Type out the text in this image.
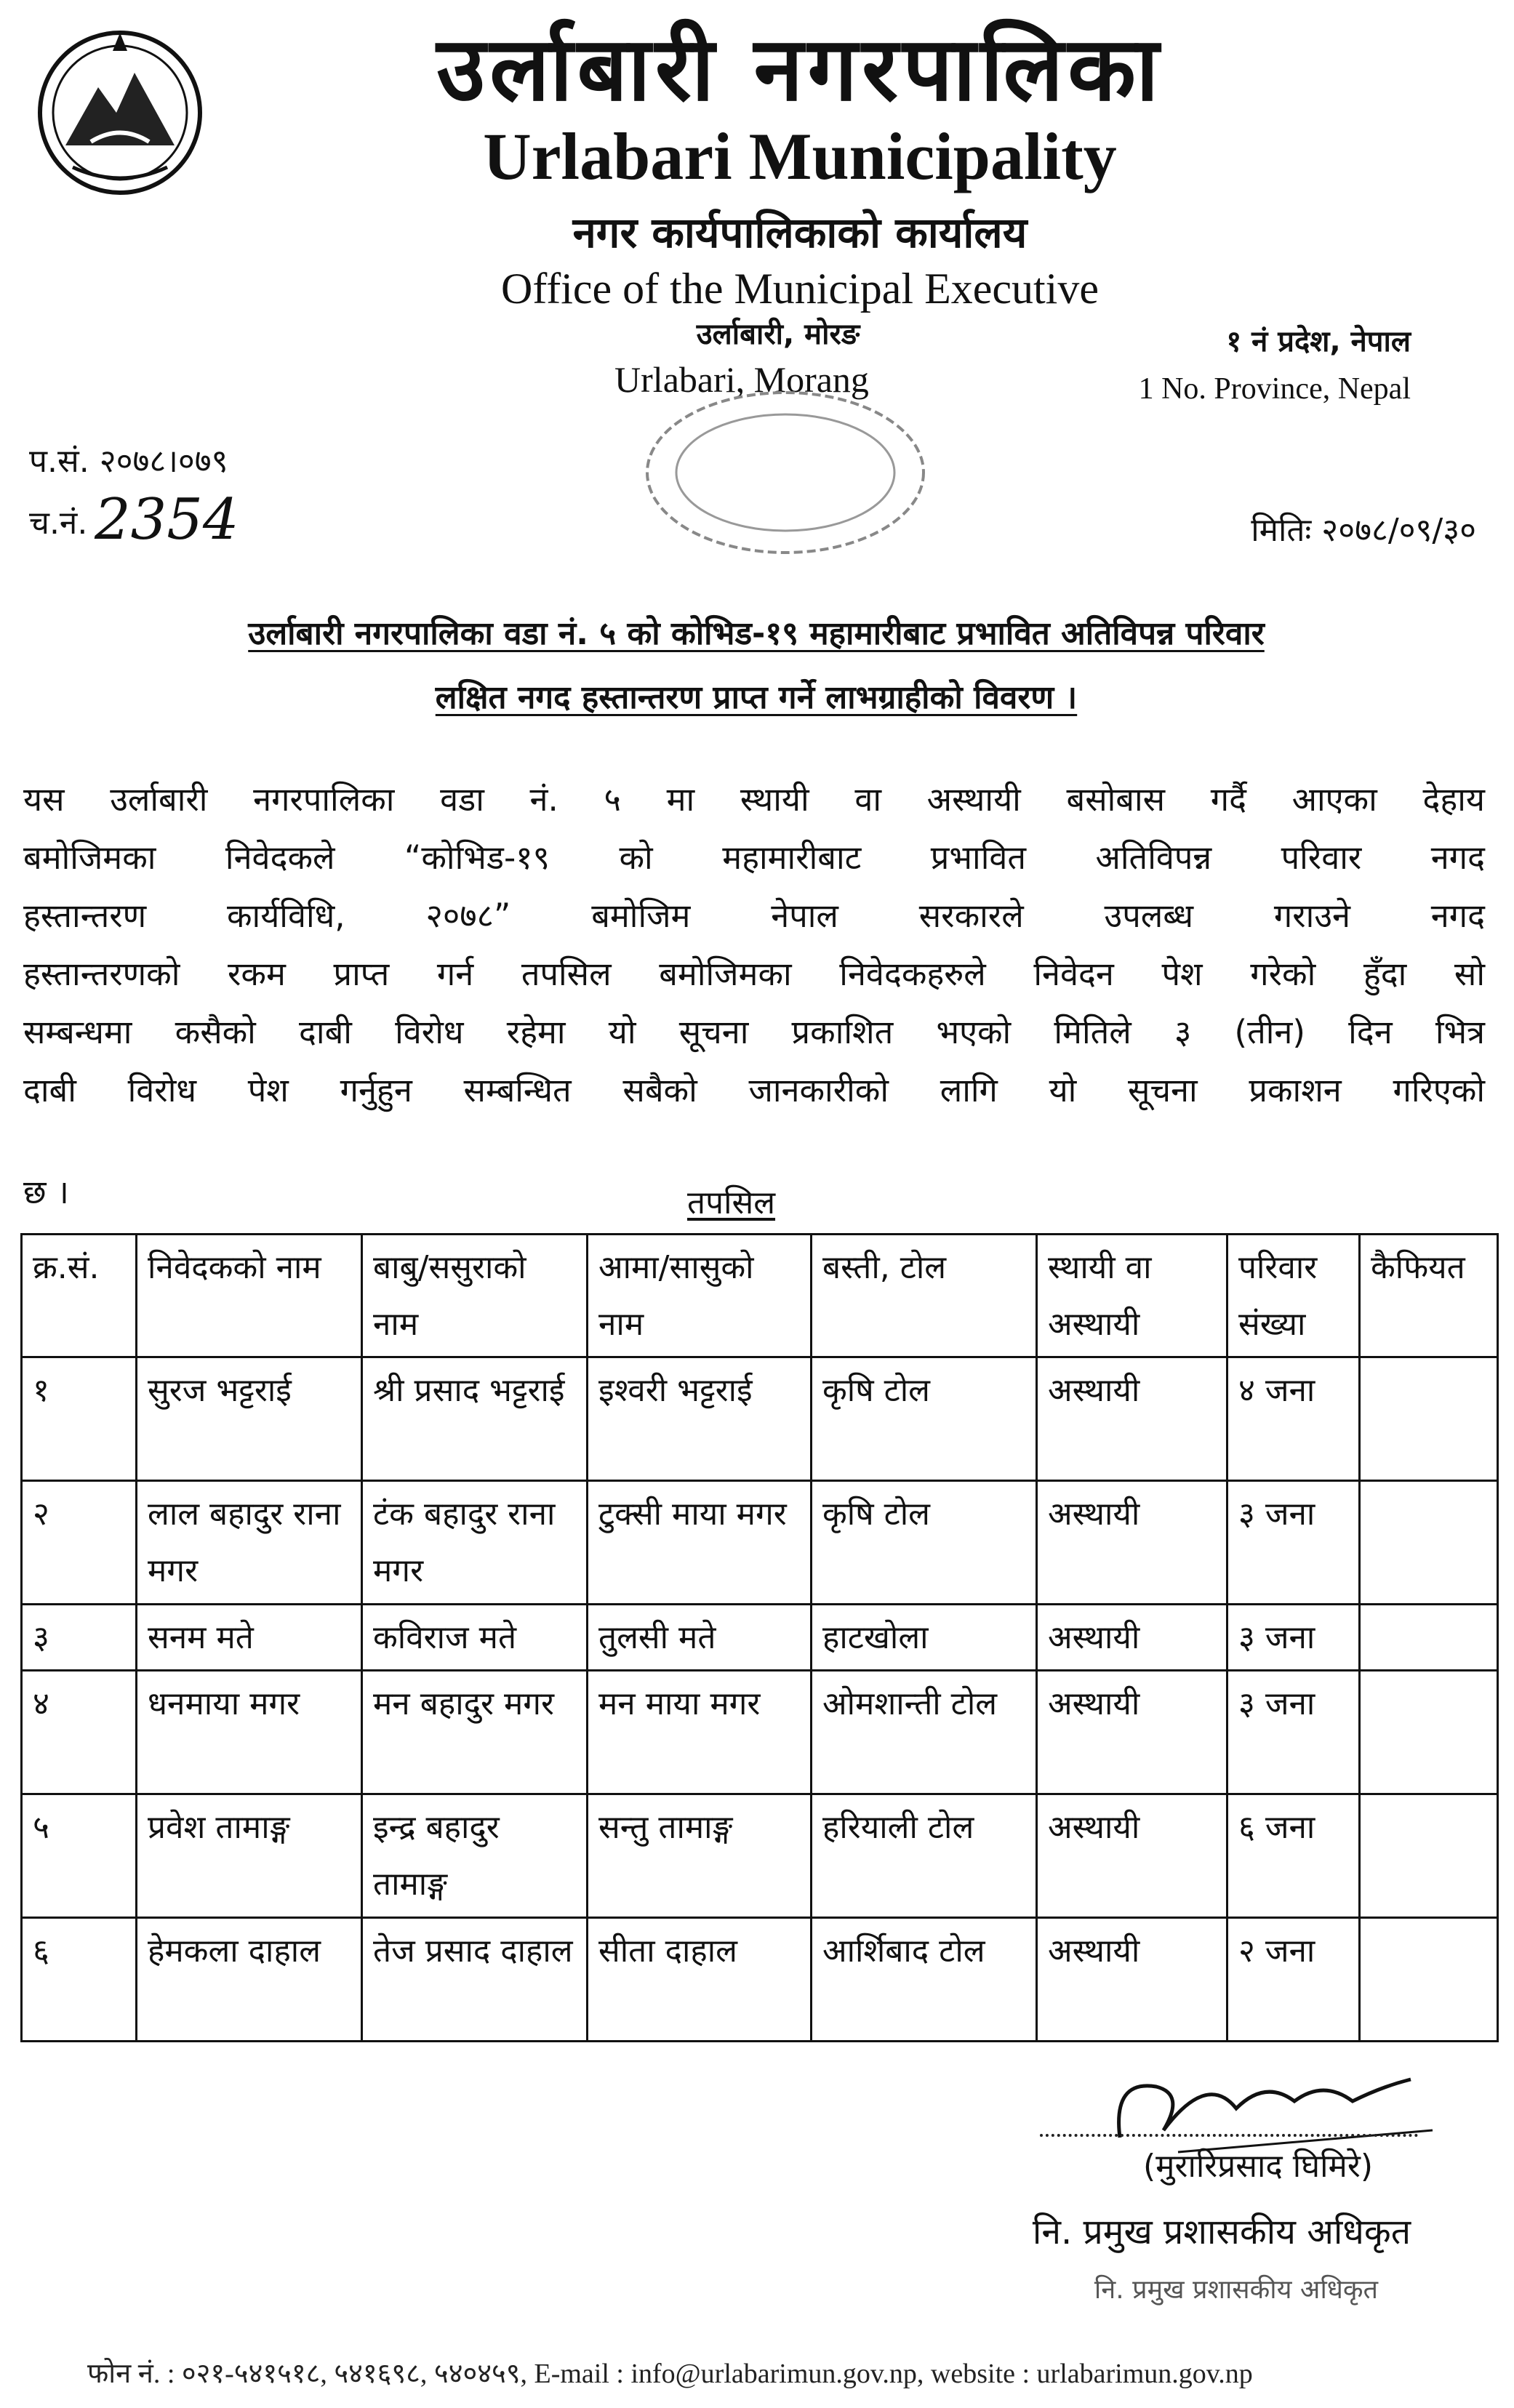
उर्लाबारी नगरपालिका
Urlabari Municipality
नगर कार्यपालिकाको कार्यालय
Office of the Municipal Executive
उर्लाबारी, मोरङ
Urlabari, Morang
१ नं प्रदेश, नेपाल
1 No. Province, Nepal
प.सं. २०७८।०७९
च.नं. 2354	मितिः २०७८/०९/३०
उर्लाबारी नगरपालिका वडा नं. ५ को कोभिड-१९ महामारीबाट प्रभावित अतिविपन्न परिवार
लक्षित नगद हस्तान्तरण प्राप्त गर्ने लाभग्राहीको विवरण ।
यस उर्लाबारी नगरपालिका वडा नं. ५ मा स्थायी वा अस्थायी बसोबास गर्दै आएका देहाय
बमोजिमका निवेदकले “कोभिड-१९ को महामारीबाट प्रभावित अतिविपन्न परिवार नगद
हस्तान्तरण कार्यविधि, २०७८” बमोजिम नेपाल सरकारले उपलब्ध गराउने नगद
हस्तान्तरणको रकम प्राप्त गर्न तपसिल बमोजिमका निवेदकहरुले निवेदन पेश गरेको हुँदा सो
सम्बन्धमा कसैको दाबी विरोध रहेमा यो सूचना प्रकाशित भएको मितिले ३ (तीन) दिन भित्र
दाबी विरोध पेश गर्नुहुन सम्बन्धित सबैको जानकारीको लागि यो सूचना प्रकाशन गरिएको
छ ।	तपसिल
क्र.सं.	निवेदकको नाम	बाबु/ससुराको नाम	आमा/सासुको नाम	बस्ती, टोल	स्थायी वा अस्थायी	परिवार संख्या	कैफियत
१	सुरज भट्टराई	श्री प्रसाद भट्टराई	इश्वरी भट्टराई	कृषि टोल	अस्थायी	४ जना	
२	लाल बहादुर राना मगर	टंक बहादुर राना मगर	टुक्सी माया मगर	कृषि टोल	अस्थायी	३ जना	
३	सनम मते	कविराज मते	तुलसी मते	हाटखोला	अस्थायी	३ जना	
४	धनमाया मगर	मन बहादुर मगर	मन माया मगर	ओमशान्ती टोल	अस्थायी	३ जना	
५	प्रवेश तामाङ्ग	इन्द्र बहादुर तामाङ्ग	सन्तु तामाङ्ग	हरियाली टोल	अस्थायी	६ जना	
६	हेमकला दाहाल	तेज प्रसाद दाहाल	सीता दाहाल	आर्शिबाद टोल	अस्थायी	२ जना	
(मुरारिप्रसाद घिमिरे)
नि. प्रमुख प्रशासकीय अधिकृत
नि. प्रमुख प्रशासकीय अधिकृत
फोन नं. : ०२१-५४१५१८, ५४१६९८, ५४०४५९, E-mail : info@urlabarimun.gov.np, website : urlabarimun.gov.np
